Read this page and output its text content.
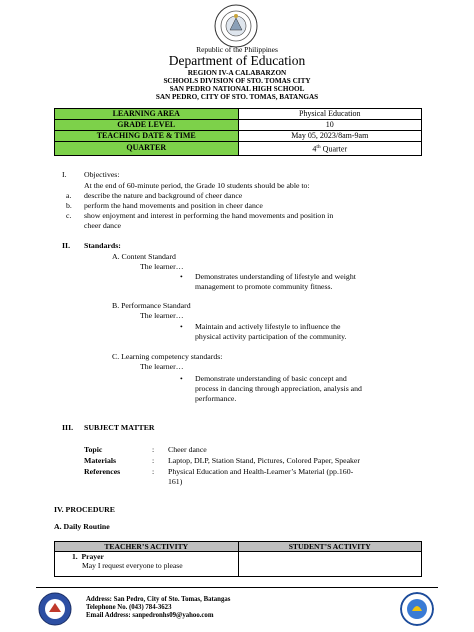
Republic of the Philippines
Department of Education
REGION IV-A CALABARZON
SCHOOLS DIVISION OF STO. TOMAS CITY
SAN PEDRO NATIONAL HIGH SCHOOL
SAN PEDRO, CITY OF STO. TOMAS, BATANGAS
LEARNING AREA	Physical Education
GRADE LEVEL	10
TEACHING DATE & TIME	May 05, 2023/8am-9am
QUARTER	4th Quarter
I. Objectives:
At the end of 60-minute period, the Grade 10 students should be able to:
a. describe the nature and background of cheer dance
b. perform the hand movements and position in cheer dance
c. show enjoyment and interest in performing the hand movements and position in
cheer dance
II. Standards:
A. Content Standard
The learner…
• Demonstrates understanding of lifestyle and weight
management to promote community fitness.
B. Performance Standard
The learner…
• Maintain and actively lifestyle to influence the
physical activity participation of the community.
C. Learning competency standards:
The learner…
• Demonstrate understanding of basic concept and
process in dancing through appreciation, analysis and
performance.
III. SUBJECT MATTER
Topic	: Cheer dance
Materials	: Laptop, DLP, Station Stand, Pictures, Colored Paper, Speaker
References	: Physical Education and Health-Learner’s Material (pp.160-
161)
IV. PROCEDURE
A. Daily Routine
TEACHER’S ACTIVITY	STUDENT’S ACTIVITY

1. Prayer
May I request everyone to please	

Address: San Pedro, City of Sto. Tomas, Batangas
Telephone No. (043) 784-3623
Email Address: sanpedronhs09@yahoo.com
